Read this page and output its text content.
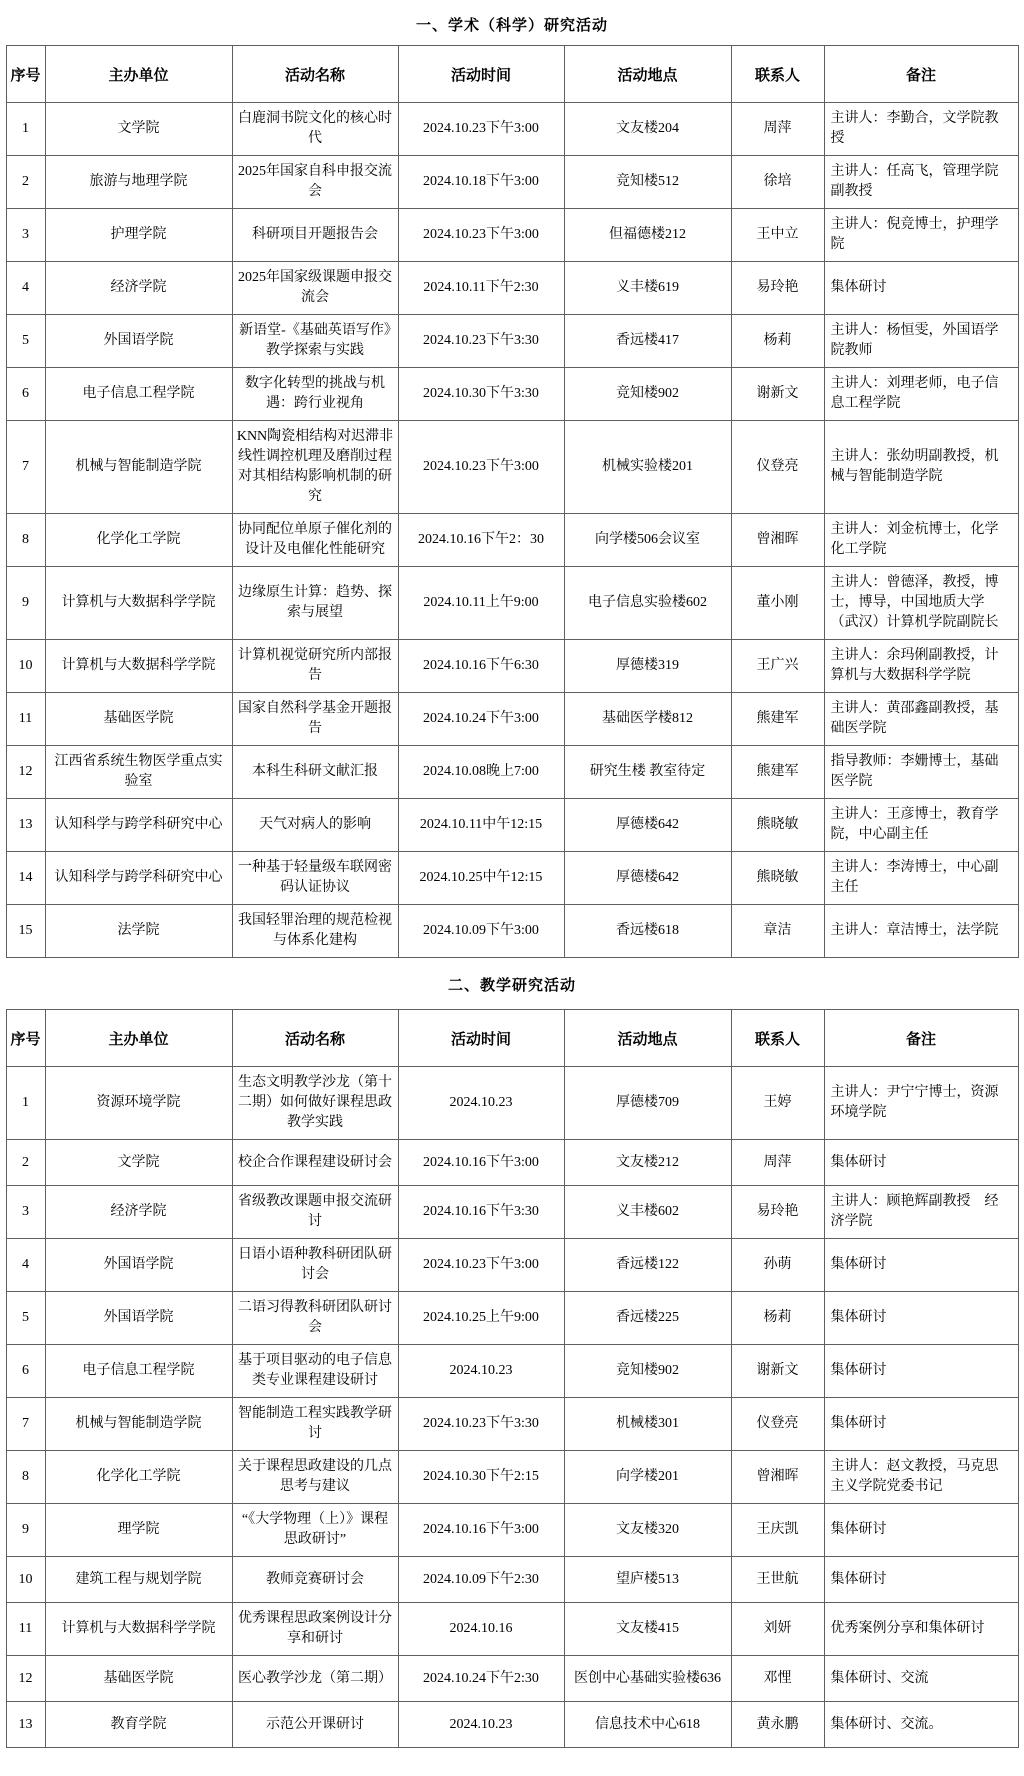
一、学术（科学）研究活动
序号	主办单位	活动名称	活动时间	活动地点	联系人	备注
1	文学院	白鹿洞书院文化的核心时代	2024.10.23下午3:00	文友楼204	周萍	主讲人：李勤合，文学院教授
2	旅游与地理学院	2025年国家自科申报交流会	2024.10.18下午3:00	竞知楼512	徐培	主讲人：任高飞，管理学院副教授
3	护理学院	科研项目开题报告会	2024.10.23下午3:00	但福德楼212	王中立	主讲人：倪竞博士，护理学院
4	经济学院	2025年国家级课题申报交流会	2024.10.11下午2:30	义丰楼619	易玲艳	集体研讨
5	外国语学院	新语堂-《基础英语写作》教学探索与实践	2024.10.23下午3:30	香远楼417	杨莉	主讲人：杨恒雯，外国语学院教师
6	电子信息工程学院	数字化转型的挑战与机遇：跨行业视角	2024.10.30下午3:30	竞知楼902	谢新文	主讲人：刘理老师，电子信息工程学院
7	机械与智能制造学院	KNN陶瓷相结构对迟滞非线性调控机理及磨削过程对其相结构影响机制的研究	2024.10.23下午3:00	机械实验楼201	仪登亮	主讲人：张幼明副教授，机械与智能制造学院
8	化学化工学院	协同配位单原子催化剂的设计及电催化性能研究	2024.10.16下午2：30	向学楼506会议室	曾湘晖	主讲人：刘金杭博士，化学化工学院
9	计算机与大数据科学学院	边缘原生计算：趋势、探索与展望	2024.10.11上午9:00	电子信息实验楼602	董小刚	主讲人：曾德泽，教授，博士，博导，中国地质大学（武汉）计算机学院副院长
10	计算机与大数据科学学院	计算机视觉研究所内部报告	2024.10.16下午6:30	厚德楼319	王广兴	主讲人：余玛俐副教授，计算机与大数据科学学院
11	基础医学院	国家自然科学基金开题报告	2024.10.24下午3:00	基础医学楼812	熊建军	主讲人：黄邵鑫副教授，基础医学院
12	江西省系统生物医学重点实验室	本科生科研文献汇报	2024.10.08晚上7:00	研究生楼 教室待定	熊建军	指导教师：李姗博士，基础医学院
13	认知科学与跨学科研究中心	天气对病人的影响	2024.10.11中午12:15	厚德楼642	熊晓敏	主讲人：王彦博士，教育学院，中心副主任
14	认知科学与跨学科研究中心	一种基于轻量级车联网密码认证协议	2024.10.25中午12:15	厚德楼642	熊晓敏	主讲人：李涛博士，中心副主任
15	法学院	我国轻罪治理的规范检视与体系化建构	2024.10.09下午3:00	香远楼618	章洁	主讲人：章洁博士，法学院
二、教学研究活动
序号	主办单位	活动名称	活动时间	活动地点	联系人	备注
1	资源环境学院	生态文明教学沙龙（第十二期）如何做好课程思政教学实践	2024.10.23	厚德楼709	王婷	主讲人：尹宁宁博士，资源环境学院
2	文学院	校企合作课程建设研讨会	2024.10.16下午3:00	文友楼212	周萍	集体研讨
3	经济学院	省级教改课题申报交流研讨	2024.10.16下午3:30	义丰楼602	易玲艳	主讲人：顾艳辉副教授　经济学院
4	外国语学院	日语小语种教科研团队研讨会	2024.10.23下午3:00	香远楼122	孙萌	集体研讨
5	外国语学院	二语习得教科研团队研讨会	2024.10.25上午9:00	香远楼225	杨莉	集体研讨
6	电子信息工程学院	基于项目驱动的电子信息类专业课程建设研讨	2024.10.23	竞知楼902	谢新文	集体研讨
7	机械与智能制造学院	智能制造工程实践教学研讨	2024.10.23下午3:30	机械楼301	仪登亮	集体研讨
8	化学化工学院	关于课程思政建设的几点思考与建议	2024.10.30下午2:15	向学楼201	曾湘晖	主讲人：赵文教授，马克思主义学院党委书记
9	理学院	“《大学物理（上）》课程思政研讨”	2024.10.16下午3:00	文友楼320	王庆凯	集体研讨
10	建筑工程与规划学院	教师竞赛研讨会	2024.10.09下午2:30	望庐楼513	王世航	集体研讨
11	计算机与大数据科学学院	优秀课程思政案例设计分享和研讨	2024.10.16	文友楼415	刘妍	优秀案例分享和集体研讨
12	基础医学院	医心教学沙龙（第二期）	2024.10.24下午2:30	医创中心基础实验楼636	邓悝	集体研讨、交流
13	教育学院	示范公开课研讨	2024.10.23	信息技术中心618	黄永鹏	集体研讨、交流。
